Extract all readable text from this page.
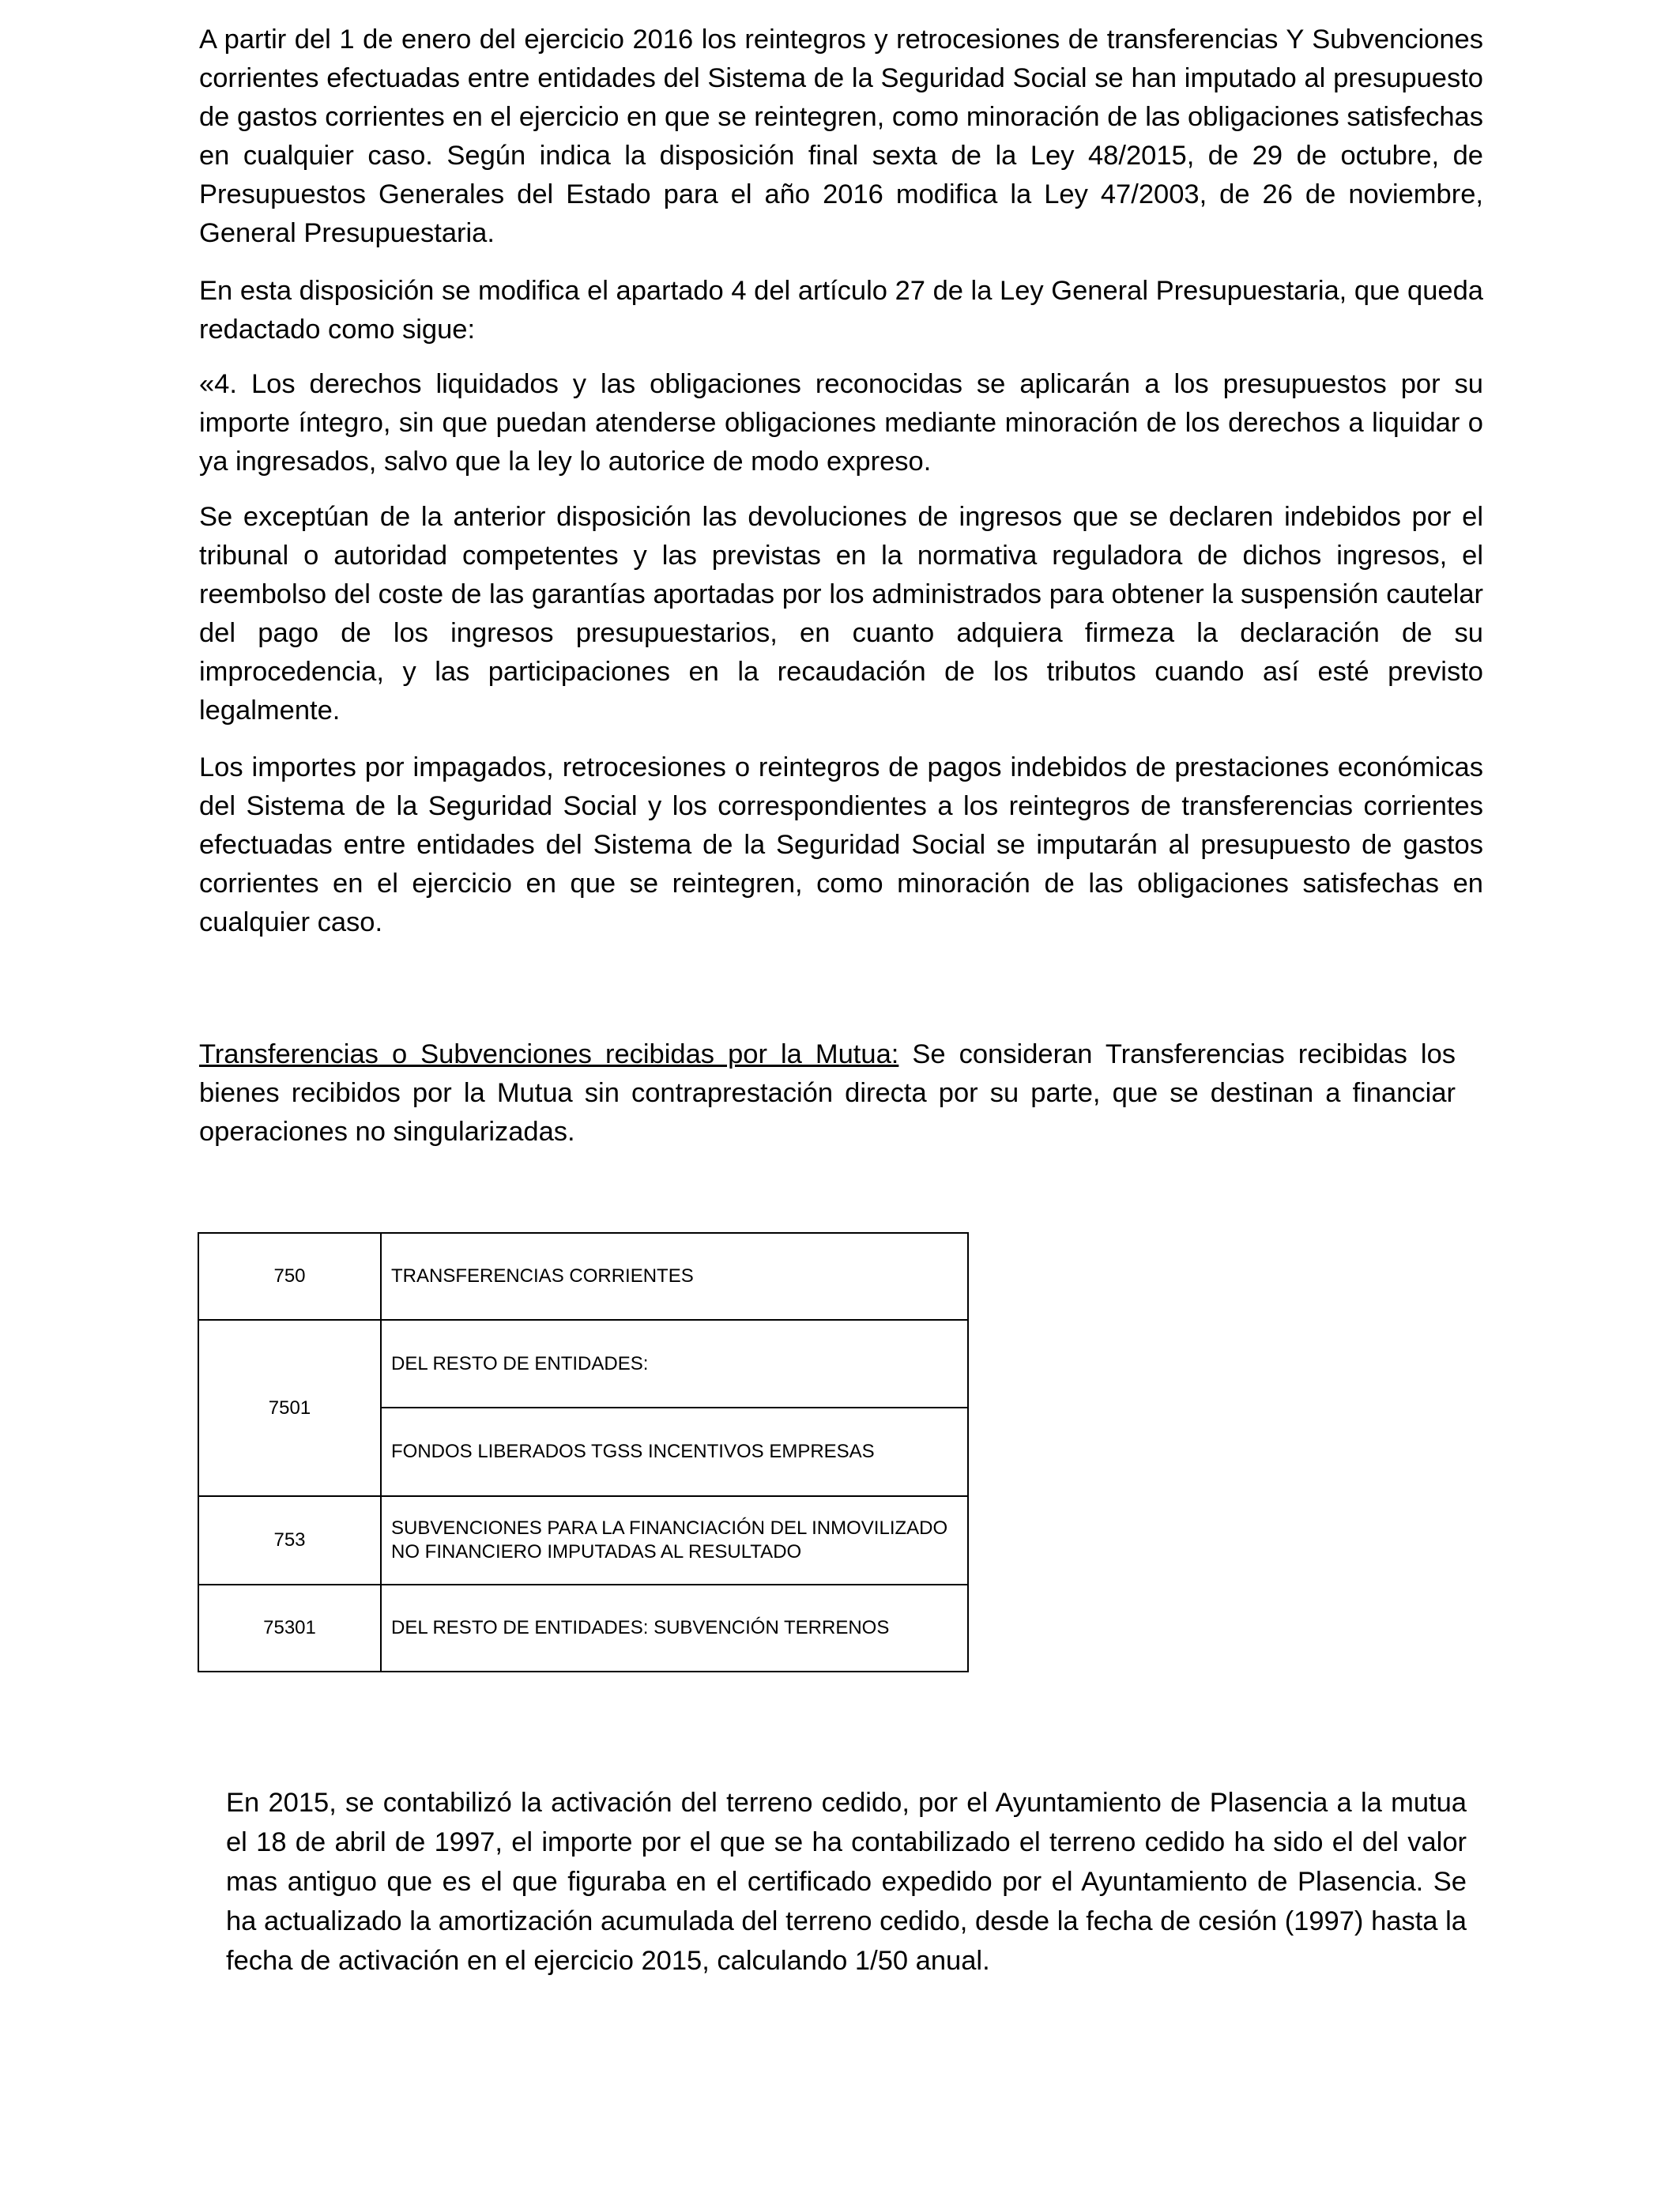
A partir del 1 de enero del ejercicio 2016 los reintegros y retrocesiones de transferencias Y Subvenciones corrientes efectuadas entre entidades del Sistema de la Seguridad Social se han imputado al presupuesto de gastos corrientes en el ejercicio en que se reintegren, como minoración de las obligaciones satisfechas en cualquier caso. Según indica la disposición final sexta de la Ley 48/2015, de 29 de octubre, de Presupuestos Generales del Estado para el año 2016 modifica la Ley 47/2003, de 26 de noviembre, General Presupuestaria.

En esta disposición se modifica el apartado 4 del artículo 27 de la Ley General Presupuestaria, que queda redactado como sigue:

«4. Los derechos liquidados y las obligaciones reconocidas se aplicarán a los presupuestos por su importe íntegro, sin que puedan atenderse obligaciones mediante minoración de los derechos a liquidar o ya ingresados, salvo que la ley lo autorice de modo expreso.

Se exceptúan de la anterior disposición las devoluciones de ingresos que se declaren indebidos por el tribunal o autoridad competentes y las previstas en la normativa reguladora de dichos ingresos, el reembolso del coste de las garantías aportadas por los administrados para obtener la suspensión cautelar del pago de los ingresos presupuestarios, en cuanto adquiera firmeza la declaración de su improcedencia, y las participaciones en la recaudación de los tributos cuando así esté previsto legalmente.

Los importes por impagados, retrocesiones o reintegros de pagos indebidos de prestaciones económicas del Sistema de la Seguridad Social y los correspondientes a los reintegros de transferencias corrientes efectuadas entre entidades del Sistema de la Seguridad Social se imputarán al presupuesto de gastos corrientes en el ejercicio en que se reintegren, como minoración de las obligaciones satisfechas en cualquier caso.

Transferencias o Subvenciones recibidas por la Mutua: Se consideran Transferencias recibidas los bienes recibidos por la Mutua sin contraprestación directa por su parte, que se destinan a financiar operaciones no singularizadas.

750	TRANSFERENCIAS CORRIENTES
7501	DEL RESTO DE ENTIDADES:
	FONDOS LIBERADOS TGSS INCENTIVOS EMPRESAS
753	SUBVENCIONES PARA LA FINANCIACIÓN DEL INMOVILIZADO NO FINANCIERO IMPUTADAS AL RESULTADO
75301	DEL RESTO DE ENTIDADES: SUBVENCIÓN TERRENOS

En 2015, se contabilizó la activación del terreno cedido, por el Ayuntamiento de Plasencia a la mutua el 18 de abril de 1997, el importe por el que se ha contabilizado el terreno cedido ha sido el del valor mas antiguo que es el que figuraba en el certificado expedido por el Ayuntamiento de Plasencia. Se ha actualizado la amortización acumulada del terreno cedido, desde la fecha de cesión (1997) hasta la fecha de activación en el ejercicio 2015, calculando 1/50 anual.
